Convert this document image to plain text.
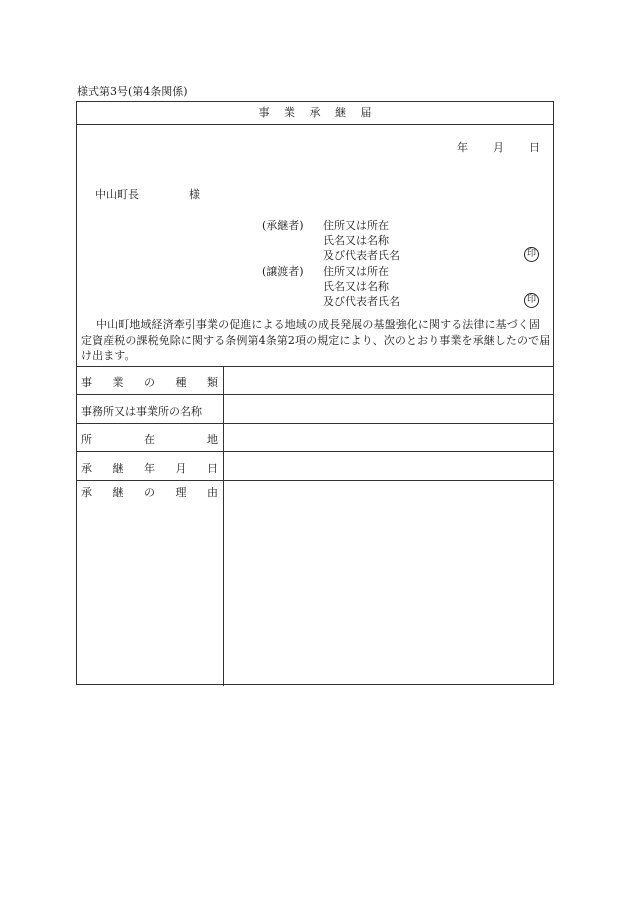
様式第3号(第4条関係)
事  業  承  継  届
年 月 日
中山町長	様
(承継者) 住所又は所在
氏名又は名称
及び代表者氏名	印
(譲渡者) 住所又は所在
氏名又は名称
及び代表者氏名	印
中山町地域経済牽引事業の促進による地域の成長発展の基盤強化に関する法律に基づく固定資産税の課税免除に関する条例第4条第2項の規定により、次のとおり事業を承継したので届け出ます。
事 業 の 種 類
事務所又は事業所の名称
所	在	地
承 継 年 月 日
承 継 の 理 由
